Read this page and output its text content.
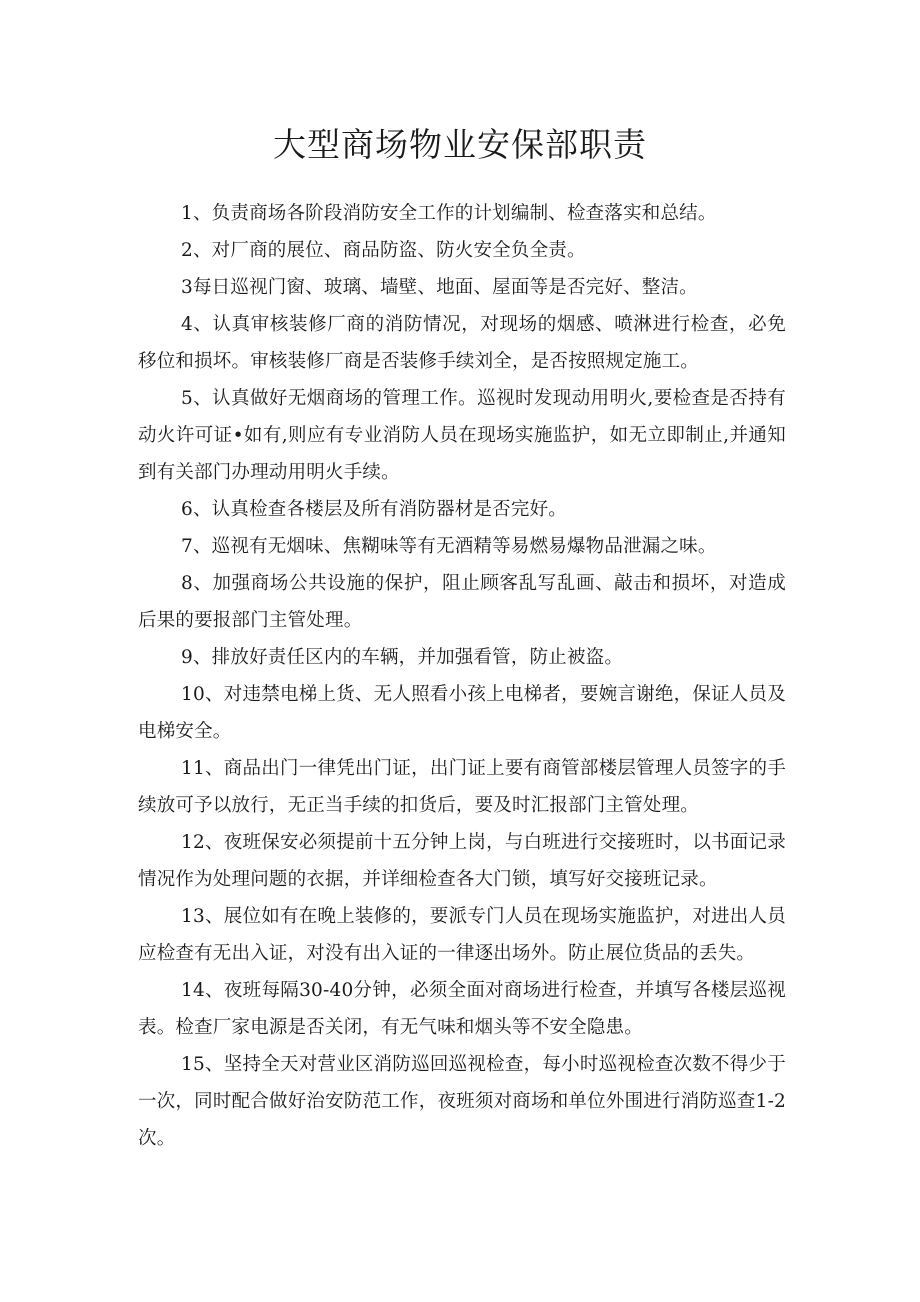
大型商场物业安保部职责

1、负责商场各阶段消防安全工作的计划编制、检查落实和总结。

2、对厂商的展位、商品防盗、防火安全负全责。

3每日巡视门窗、玻璃、墙壁、地面、屋面等是否完好、整洁。

4、认真审核装修厂商的消防情况，对现场的烟感、喷淋进行检查，必免移位和损坏。审核装修厂商是否装修手续刘全，是否按照规定施工。

5、认真做好无烟商场的管理工作。巡视时发现动用明火,要检查是否持有动火许可证•如有,则应有专业消防人员在现场实施监护，如无立即制止,并通知到有关部门办理动用明火手续。

6、认真检查各楼层及所有消防器材是否完好。

7、巡视有无烟味、焦糊味等有无酒精等易燃易爆物品泄漏之味。

8、加强商场公共设施的保护，阻止顾客乱写乱画、敲击和损坏，对造成后果的要报部门主管处理。

9、排放好责任区内的车辆，并加强看管，防止被盗。

10、对违禁电梯上货、无人照看小孩上电梯者，要婉言谢绝，保证人员及电梯安全。

11、商品出门一律凭出门证，出门证上要有商管部楼层管理人员签字的手续放可予以放行，无正当手续的扣货后，要及时汇报部门主管处理。

12、夜班保安必须提前十五分钟上岗，与白班进行交接班时，以书面记录情况作为处理问题的衣据，并详细检查各大门锁，填写好交接班记录。

13、展位如有在晚上装修的，要派专门人员在现场实施监护，对进出人员应检查有无出入证，对没有出入证的一律逐出场外。防止展位货品的丢失。

14、夜班每隔30-40分钟，必须全面对商场进行检查，并填写各楼层巡视表。检查厂家电源是否关闭，有无气味和烟头等不安全隐患。

15、坚持全天对营业区消防巡回巡视检查，每小时巡视检查次数不得少于一次，同时配合做好治安防范工作，夜班须对商场和单位外围进行消防巡查1-2次。
